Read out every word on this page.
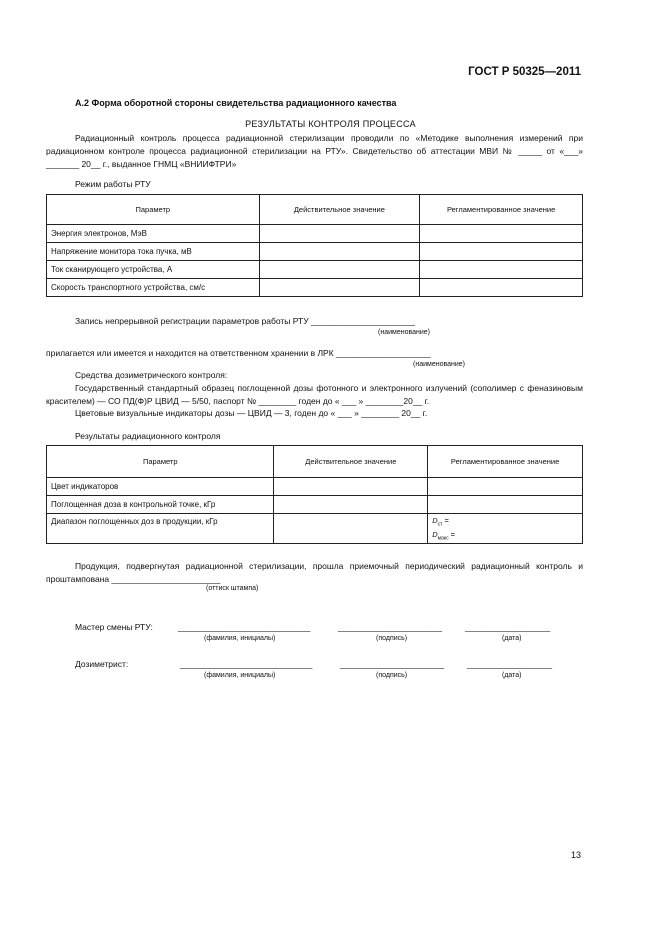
ГОСТ Р 50325—2011
А.2 Форма оборотной стороны свидетельства радиационного качества
РЕЗУЛЬТАТЫ КОНТРОЛЯ ПРОЦЕССА
Радиационный контроль процесса радиационной стерилизации проводили по «Методике выполнения измерений при радиационном контроле процесса радиационной стерилизации на РТУ». Свидетельство об аттестации МВИ № _____ от «___» _______ 20__ г., выданное ГНМЦ «ВНИИФТРИ»
Режим работы РТУ
Параметр	Действительное значение	Регламентированное значение
Энергия электронов, МэВ		
Напряжение монитора тока пучка, мВ		
Ток сканирующего устройства, А		
Скорость транспортного устройства, см/с		
Запись непрерывной регистрации параметров работы РТУ ______________________
(наименование)
прилагается или имеется и находится на ответственном хранении в ЛРК ____________________
(наименование)
Средства дозиметрического контроля:
Государственный стандартный образец поглощенной дозы фотонного и электронного излучений (сополимер с феназиновым красителем) — СО ПД(Ф)Р ЦВИД — 5/50, паспорт № ________ годен до « ___ » ________20__ г.
Цветовые визуальные индикаторы дозы — ЦВИД — 3, годен до « ___ » ________ 20__ г.
Результаты радиационного контроля
Параметр	Действительное значение	Регламентированное значение
Цвет индикаторов		
Поглощенная доза в контрольной точке, кГр		
Диапазон поглощенных доз в продукции, кГр		$D_{ст}$ =
$D_{макс}$ =
Продукция, подвергнутая радиационной стерилизации, прошла приемочный периодический радиационный контроль и проштампована _______________________
(оттиск штампа)
Мастер смены РТУ:	____________________________	______________________	__________________
(фамилия, инициалы)	(подпись)	(дата)
Дозиметрист:	____________________________	______________________	__________________
(фамилия, инициалы)	(подпись)	(дата)
13
